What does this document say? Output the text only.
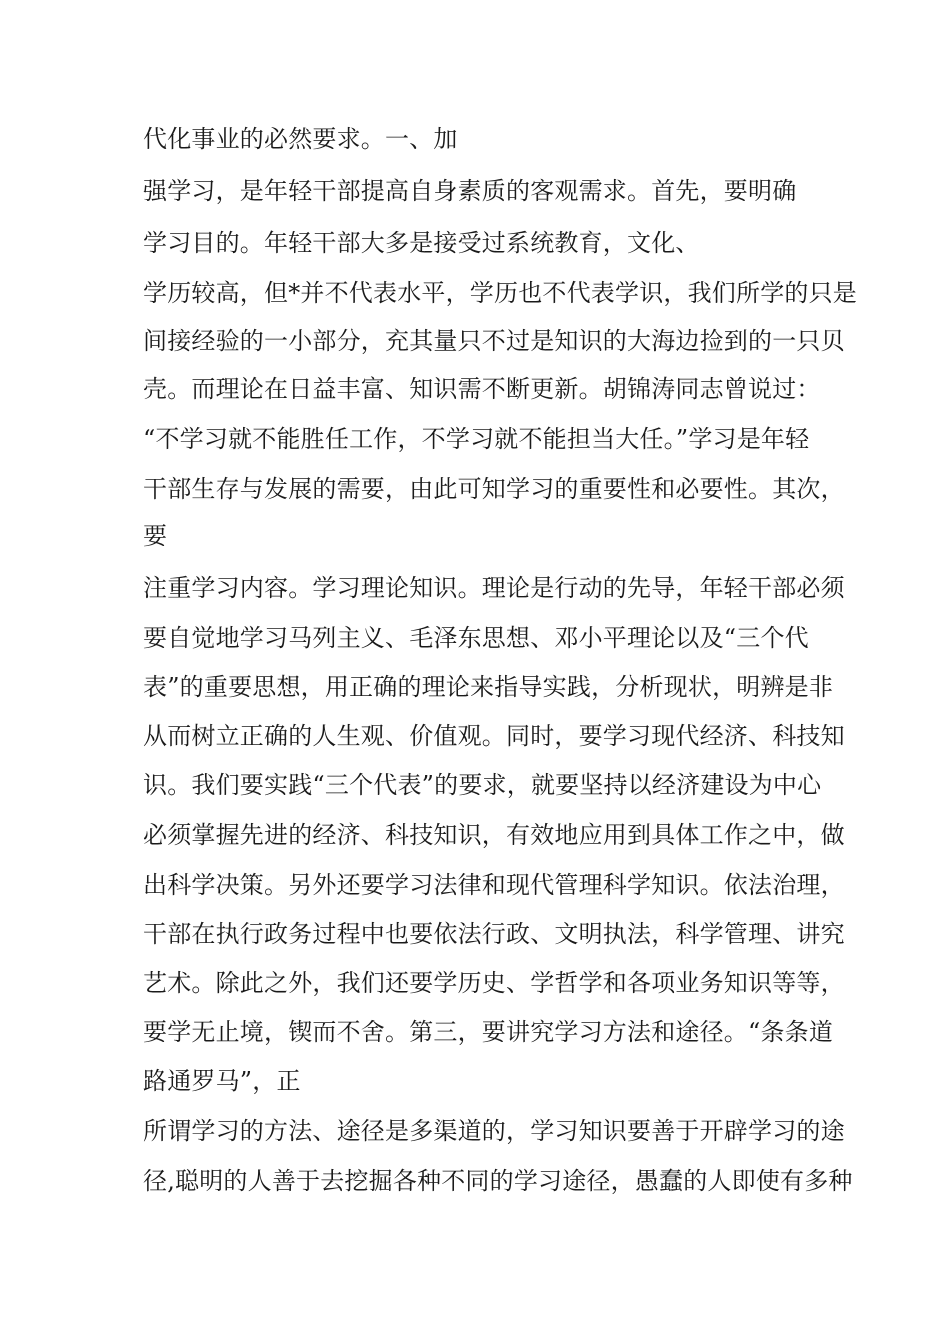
代化事业的必然要求。一、加
强学习，是年轻干部提高自身素质的客观需求。首先，要明确
学习目的。年轻干部大多是接受过系统教育，文化、
学历较高，但*并不代表水平，学历也不代表学识，我们所学的只是
间接经验的一小部分，充其量只不过是知识的大海边捡到的一只贝
壳。而理论在日益丰富、知识需不断更新。胡锦涛同志曾说过：
“不学习就不能胜任工作，不学习就不能担当大任。”学习是年轻
干部生存与发展的需要，由此可知学习的重要性和必要性。其次，
要
注重学习内容。学习理论知识。理论是行动的先导，年轻干部必须
要自觉地学习马列主义、毛泽东思想、邓小平理论以及“三个代
表”的重要思想，用正确的理论来指导实践，分析现状，明辨是非
从而树立正确的人生观、价值观。同时，要学习现代经济、科技知
识。我们要实践“三个代表”的要求，就要坚持以经济建设为中心
必须掌握先进的经济、科技知识，有效地应用到具体工作之中，做
出科学决策。另外还要学习法律和现代管理科学知识。依法治理，
干部在执行政务过程中也要依法行政、文明执法，科学管理、讲究
艺术。除此之外，我们还要学历史、学哲学和各项业务知识等等，
要学无止境，锲而不舍。第三，要讲究学习方法和途径。“条条道
路通罗马”，正
所谓学习的方法、途径是多渠道的，学习知识要善于开辟学习的途
径,聪明的人善于去挖掘各种不同的学习途径，愚蠢的人即使有多种
